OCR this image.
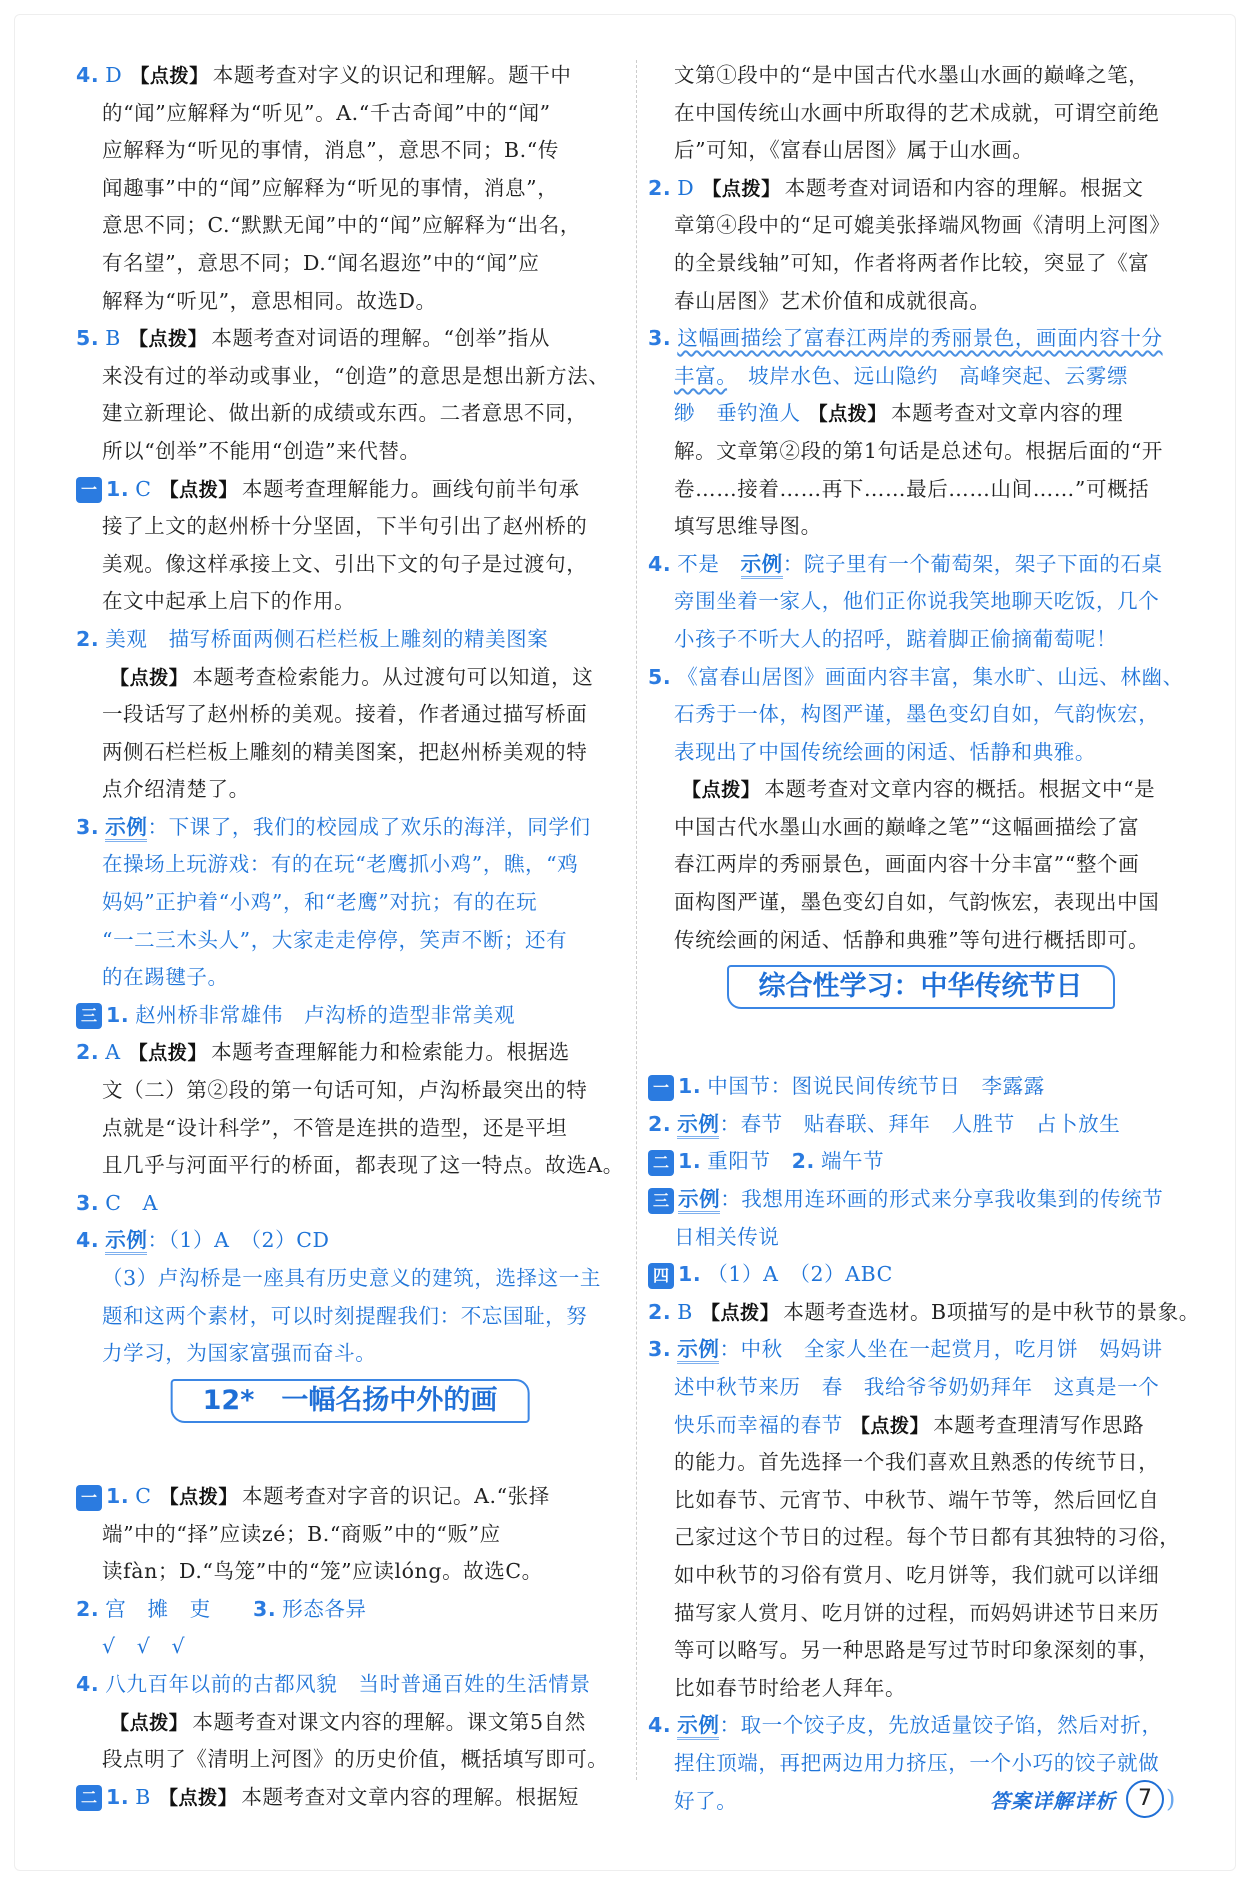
4. D 【点拨】 本题考查对字义的识记和理解。题干中
的“闻”应解释为“听见”。A.“千古奇闻”中的“闻”
应解释为“听见的事情，消息”，意思不同；B.“传
闻趣事”中的“闻”应解释为“听见的事情，消息”，
意思不同；C.“默默无闻”中的“闻”应解释为“出名，
有名望”，意思不同；D.“闻名遐迩”中的“闻”应
解释为“听见”，意思相同。故选D。
5. B 【点拨】 本题考查对词语的理解。“创举”指从
来没有过的举动或事业，“创造”的意思是想出新方法、
建立新理论、做出新的成绩或东西。二者意思不同，
所以“创举”不能用“创造”来代替。
一 1. C 【点拨】 本题考查理解能力。画线句前半句承
接了上文的赵州桥十分坚固，下半句引出了赵州桥的
美观。像这样承接上文、引出下文的句子是过渡句，
在文中起承上启下的作用。
2. 美观　描写桥面两侧石栏栏板上雕刻的精美图案
【点拨】 本题考查检索能力。从过渡句可以知道，这
一段话写了赵州桥的美观。接着，作者通过描写桥面
两侧石栏栏板上雕刻的精美图案，把赵州桥美观的特
点介绍清楚了。
3. 示例：下课了，我们的校园成了欢乐的海洋，同学们
在操场上玩游戏：有的在玩“老鹰抓小鸡”，瞧，“鸡
妈妈”正护着“小鸡”，和“老鹰”对抗；有的在玩
“一二三木头人”，大家走走停停，笑声不断；还有
的在踢毽子。
三 1. 赵州桥非常雄伟　卢沟桥的造型非常美观
2. A 【点拨】 本题考查理解能力和检索能力。根据选
文（二）第②段的第一句话可知，卢沟桥最突出的特
点就是“设计科学”，不管是连拱的造型，还是平坦
且几乎与河面平行的桥面，都表现了这一特点。故选A。
3. C　A
4. 示例：（1）A　（2）CD
（3）卢沟桥是一座具有历史意义的建筑，选择这一主
题和这两个素材，可以时刻提醒我们：不忘国耻，努
力学习，为国家富强而奋斗。
12*　一幅名扬中外的画
一 1. C 【点拨】 本题考查对字音的识记。A.“张择
端”中的“择”应读zé；B.“商贩”中的“贩”应
读fàn；D.“鸟笼”中的“笼”应读lóng。故选C。
2. 宫　摊　吏　　3. 形态各异
√　√　√
4. 八九百年以前的古都风貌　当时普通百姓的生活情景
【点拨】 本题考查对课文内容的理解。课文第5自然
段点明了《清明上河图》的历史价值，概括填写即可。
二 1. B 【点拨】 本题考查对文章内容的理解。根据短
文第①段中的“是中国古代水墨山水画的巅峰之笔，
在中国传统山水画中所取得的艺术成就，可谓空前绝
后”可知，《富春山居图》属于山水画。
2. D 【点拨】 本题考查对词语和内容的理解。根据文
章第④段中的“足可媲美张择端风物画《清明上河图》
的全景线轴”可知，作者将两者作比较，突显了《富
春山居图》艺术价值和成就很高。
3. 这幅画描绘了富春江两岸的秀丽景色，画面内容十分
丰富。　坡岸水色、远山隐约　高峰突起、云雾缥
缈　垂钓渔人 【点拨】 本题考查对文章内容的理
解。文章第②段的第1句话是总述句。根据后面的“开
卷……接着……再下……最后……山间……”可概括
填写思维导图。
4. 不是　示例：院子里有一个葡萄架，架子下面的石桌
旁围坐着一家人，他们正你说我笑地聊天吃饭，几个
小孩子不听大人的招呼，踮着脚正偷摘葡萄呢！
5. 《富春山居图》画面内容丰富，集水旷、山远、林幽、
石秀于一体，构图严谨，墨色变幻自如，气韵恢宏，
表现出了中国传统绘画的闲适、恬静和典雅。
【点拨】 本题考查对文章内容的概括。根据文中“是
中国古代水墨山水画的巅峰之笔”“这幅画描绘了富
春江两岸的秀丽景色，画面内容十分丰富”“整个画
面构图严谨，墨色变幻自如，气韵恢宏，表现出中国
传统绘画的闲适、恬静和典雅”等句进行概括即可。
综合性学习：中华传统节日
一 1. 中国节：图说民间传统节日　李露露
2. 示例：春节　贴春联、拜年　人胜节　占卜放生
二 1. 重阳节　2. 端午节
三 示例：我想用连环画的形式来分享我收集到的传统节
日相关传说
四 1. （1）A　（2）ABC
2. B 【点拨】 本题考查选材。B项描写的是中秋节的景象。
3. 示例：中秋　全家人坐在一起赏月，吃月饼　妈妈讲
述中秋节来历　春　我给爷爷奶奶拜年　这真是一个
快乐而幸福的春节 【点拨】 本题考查理清写作思路
的能力。首先选择一个我们喜欢且熟悉的传统节日，
比如春节、元宵节、中秋节、端午节等，然后回忆自
己家过这个节日的过程。每个节日都有其独特的习俗，
如中秋节的习俗有赏月、吃月饼等，我们就可以详细
描写家人赏月、吃月饼的过程，而妈妈讲述节日来历
等可以略写。另一种思路是写过节时印象深刻的事，
比如春节时给老人拜年。
4. 示例：取一个饺子皮，先放适量饺子馅，然后对折，
捏住顶端，再把两边用力挤压，一个小巧的饺子就做
好了。	答案详解详析	7 )
